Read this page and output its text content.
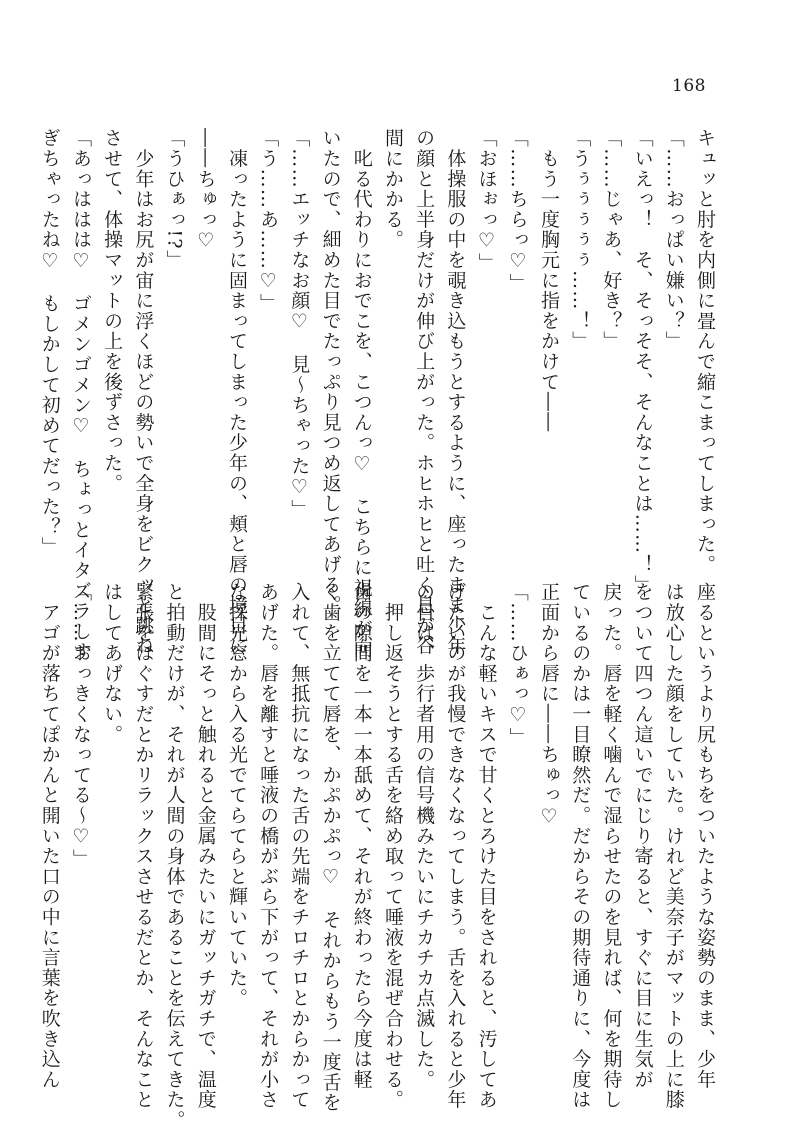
168
キュッと肘を内側に畳んで縮こまってしまった。
「……おっぱい嫌い？」
「いえっ！　そ、そっそそ、そんなことは……！」
「……じゃあ、好き？」
「うぅぅぅぅぅ……！」
　もう一度胸元に指をかけて――
「……ちらっ♡」
「おほぉっ♡」
　体操服の中を覗き込もうとするように、座ったまま少年
の顔と上半身だけが伸び上がった。ホヒホヒと吐く息が谷
間にかかる。
　叱る代わりにおでこを、こつんっ♡　こちらに視線が向
いたので、細めた目でたっぷり見つめ返してあげる。
「……エッチなお顔♡　見～ちゃった♡」
「う……あ……♡」
　凍ったように固まってしまった少年の、頬と唇の境目に
――ちゅっ♡
「うひぁっ!?」
　少年はお尻が宙に浮くほどの勢いで全身をビクッと跳ね
させて、体操マットの上を後ずさった。
「あっははは♡　ゴメンゴメン♡　ちょっとイタズラしす
ぎちゃったね♡　もしかして初めてだった？」
座るというより尻もちをついたような姿勢のまま、少年
は放心した顔をしていた。けれど美奈子がマットの上に膝
をついて四つん這いでにじり寄ると、すぐに目に生気が
戻った。唇を軽く噛んで湿らせたのを見れば、何を期待し
ているのかは一目瞭然だ。だからその期待通りに、今度は
正面から唇に――ちゅっ♡
「……ひぁっ♡」
　こんな軽いキスで甘くとろけた目をされると、汚してあ
げたいのが我慢できなくなってしまう。舌を入れると少年
の目は、歩行者用の信号機みたいにチカチカ点滅した。
　押し返そうとする舌を絡め取って唾液を混ぜ合わせる。
歯の隙間を一本一本舐めて、それが終わったら今度は軽
く歯を立てて唇を、かぷかぷっ♡　それからもう一度舌を
入れて、無抵抗になった舌の先端をチロチロとからかって
あげた。唇を離すと唾液の橋がぶら下がって、それが小さ
な採光窓から入る光でてらてらと輝いていた。
　股間にそっと触れると金属みたいにガッチガチで、温度
と拍動だけが、それが人間の身体であることを伝えてきた。
緊張をほぐすだとかリラックスさせるだとか、そんなこと
はしてあげない。
「……おっきくなってる～♡」
　アゴが落ちてぽかんと開いた口の中に言葉を吹き込ん
